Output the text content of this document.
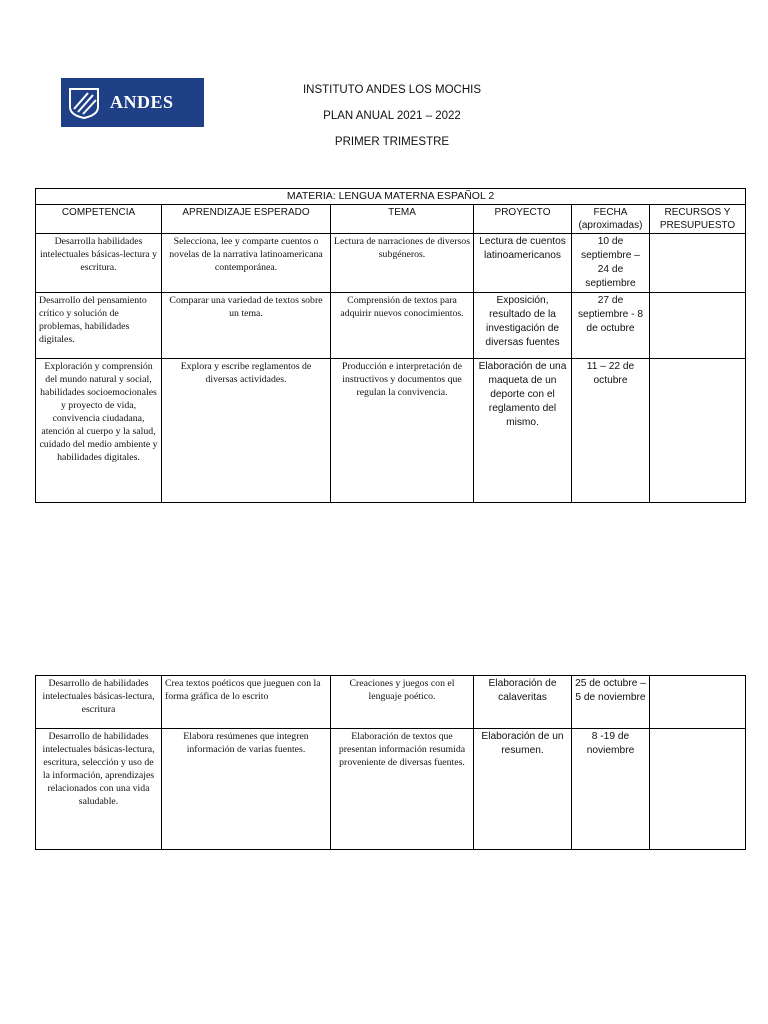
ANDES
INSTITUTO ANDES LOS MOCHIS
PLAN ANUAL 2021 – 2022
PRIMER TRIMESTRE
MATERIA: LENGUA MATERNA ESPAÑOL 2					
COMPETENCIA	APRENDIZAJE ESPERADO	TEMA	PROYECTO	FECHA (aproximadas)	RECURSOS Y PRESUPUESTO
Desarrolla habilidades intelectuales básicas-lectura y escritura.	Selecciona, lee y comparte cuentos o novelas de la narrativa latinoamericana contemporánea.	Lectura de narraciones de diversos subgéneros.	Lectura de cuentos latinoamericanos	10 de septiembre – 24 de septiembre	
Desarrollo del pensamiento crítico y solución de problemas, habilidades digitales.	Comparar una variedad de textos sobre un tema.	Comprensión de textos para adquirir nuevos conocimientos.	Exposición, resultado de la investigación de diversas fuentes	27 de septiembre - 8 de octubre	
Exploración y comprensión del mundo natural y social, habilidades socioemocionales y proyecto de vida, convivencia ciudadana, atención al cuerpo y la salud, cuidado del medio ambiente y habilidades digitales.	Explora y escribe reglamentos de diversas actividades.	Producción e interpretación de instructivos y documentos que regulan la convivencia.	Elaboración de una maqueta de un deporte con el reglamento del mismo.	11 – 22 de octubre	
Desarrollo de habilidades intelectuales básicas-lectura, escritura	Crea textos poéticos que jueguen con la forma gráfica de lo escrito	Creaciones y juegos con el lenguaje poético.	Elaboración de calaveritas	25 de octubre – 5 de noviembre	
Desarrollo de habilidades intelectuales básicas-lectura, escritura, selección y uso de la información, aprendizajes relacionados con una vida saludable.	Elabora resúmenes que integren información de varias fuentes.	Elaboración de textos que presentan información resumida proveniente de diversas fuentes.	Elaboración de un resumen.	8 -19 de noviembre	
